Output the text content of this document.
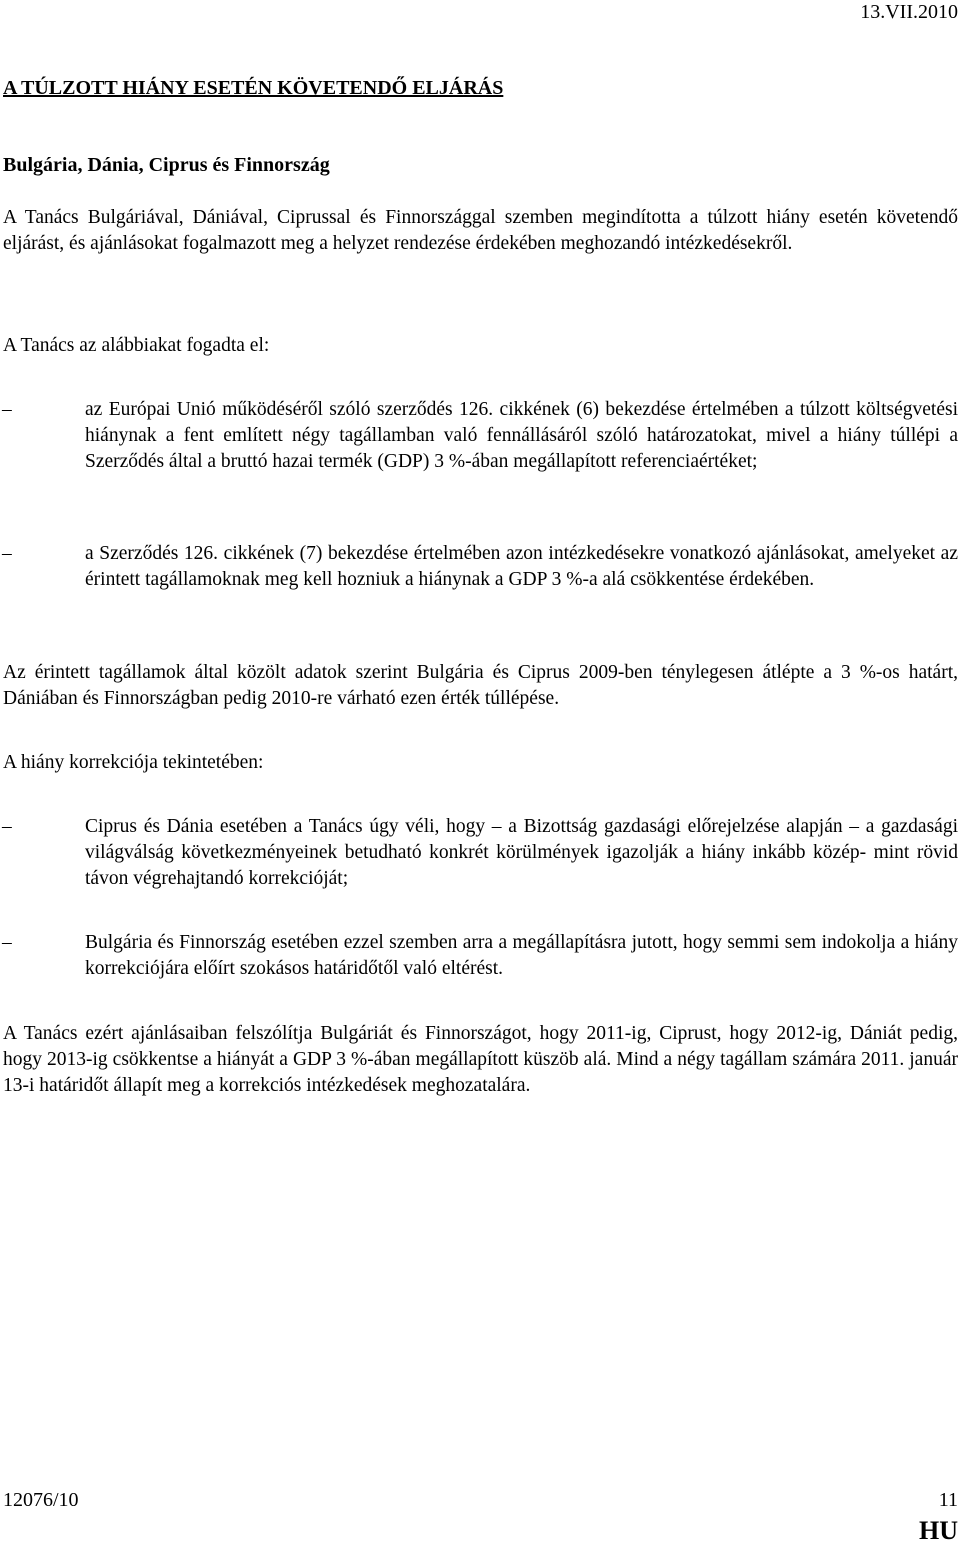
13.VII.2010
A TÚLZOTT HIÁNY ESETÉN KÖVETENDŐ ELJÁRÁS
Bulgária, Dánia, Ciprus és Finnország

A Tanács Bulgáriával, Dániával, Ciprussal és Finnországgal szemben megindította a túlzott hiány esetén követendő eljárást, és ajánlásokat fogalmazott meg a helyzet rendezése érdekében meghozandó intézkedésekről.

A Tanács az alábbiakat fogadta el:

–	az Európai Unió működéséről szóló szerződés 126. cikkének (6) bekezdése értelmében a túlzott költségvetési hiánynak a fent említett négy tagállamban való fennállásáról szóló határozatokat, mivel a hiány túllépi a Szerződés által a bruttó hazai termék (GDP) 3 %-ában megállapított referenciaértéket;
–	a Szerződés 126. cikkének (7) bekezdése értelmében azon intézkedésekre vonatkozó ajánlásokat, amelyeket az érintett tagállamoknak meg kell hozniuk a hiánynak a GDP 3 %-a alá csökkentése érdekében.

Az érintett tagállamok által közölt adatok szerint Bulgária és Ciprus 2009-ben ténylegesen átlépte a 3 %-os határt, Dániában és Finnországban pedig 2010-re várható ezen érték túllépése.

A hiány korrekciója tekintetében:

–	Ciprus és Dánia esetében a Tanács úgy véli, hogy – a Bizottság gazdasági előrejelzése alapján – a gazdasági világválság következményeinek betudható konkrét körülmények igazolják a hiány inkább közép- mint rövid távon végrehajtandó korrekcióját;
–	Bulgária és Finnország esetében ezzel szemben arra a megállapításra jutott, hogy semmi sem indokolja a hiány korrekciójára előírt szokásos határidőtől való eltérést.

A Tanács ezért ajánlásaiban felszólítja Bulgáriát és Finnországot, hogy 2011-ig, Ciprust, hogy 2012-ig, Dániát pedig, hogy 2013-ig csökkentse a hiányát a GDP 3 %-ában megállapított küszöb alá. Mind a négy tagállam számára 2011. január 13-i határidőt állapít meg a korrekciós intézkedések meghozatalára.

12076/10	11
HU
